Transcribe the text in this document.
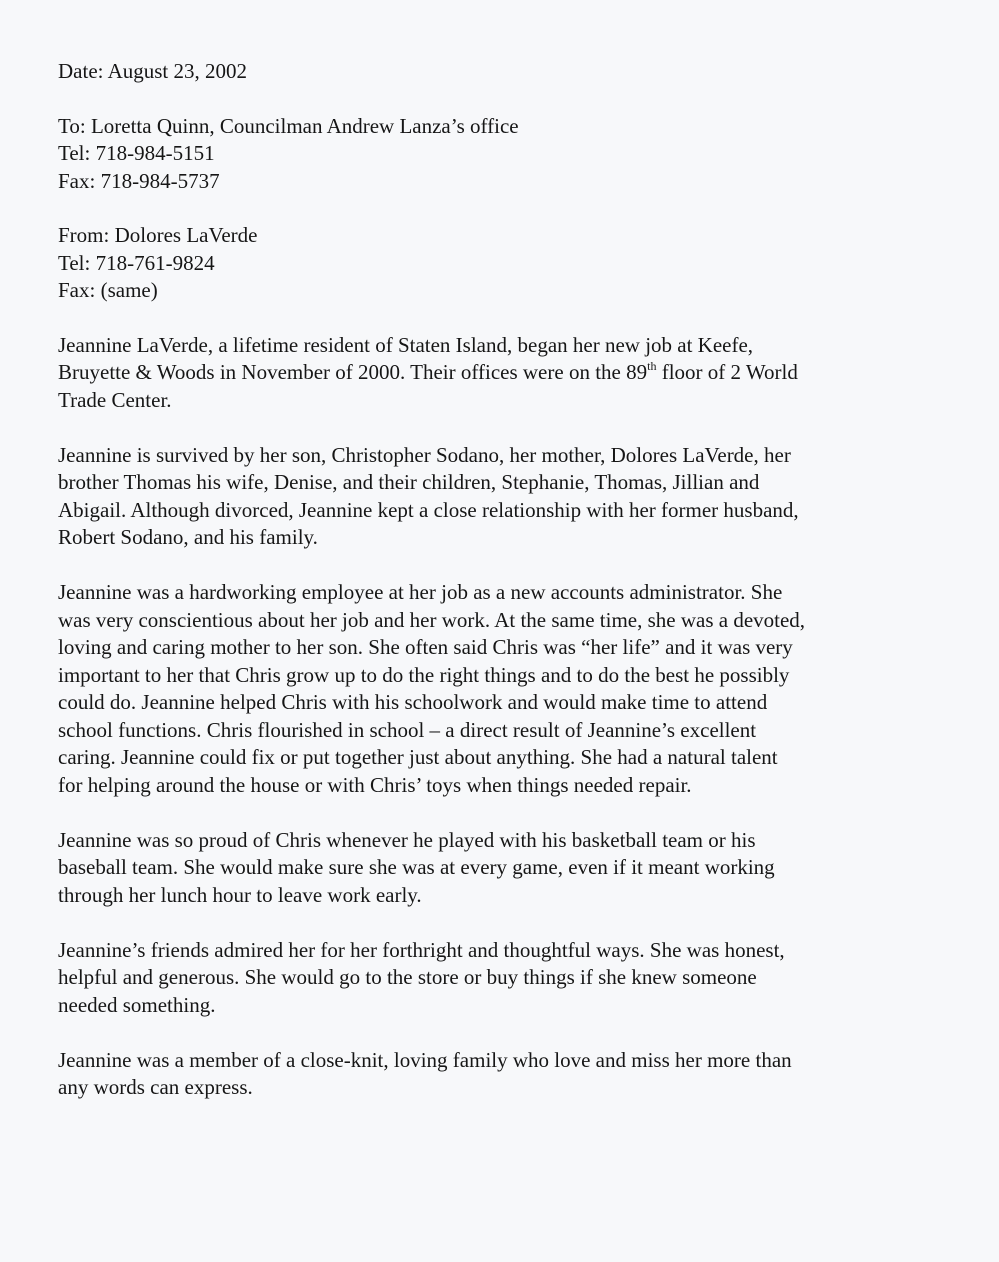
Date: August 23, 2002

To: Loretta Quinn, Councilman Andrew Lanza’s office

Tel: 718-984-5151

Fax: 718-984-5737

From: Dolores LaVerde

Tel: 718-761-9824

Fax: (same)

Jeannine LaVerde, a lifetime resident of Staten Island, began her new job at Keefe,
Bruyette & Woods in November of 2000. Their offices were on the 89th floor of 2 World
Trade Center.
Jeannine is survived by her son, Christopher Sodano, her mother, Dolores LaVerde, her
brother Thomas his wife, Denise, and their children, Stephanie, Thomas, Jillian and
Abigail. Although divorced, Jeannine kept a close relationship with her former husband,
Robert Sodano, and his family.
Jeannine was a hardworking employee at her job as a new accounts administrator. She
was very conscientious about her job and her work. At the same time, she was a devoted,
loving and caring mother to her son. She often said Chris was “her life” and it was very
important to her that Chris grow up to do the right things and to do the best he possibly
could do. Jeannine helped Chris with his schoolwork and would make time to attend
school functions. Chris flourished in school – a direct result of Jeannine’s excellent
caring. Jeannine could fix or put together just about anything. She had a natural talent
for helping around the house or with Chris’ toys when things needed repair.
Jeannine was so proud of Chris whenever he played with his basketball team or his
baseball team. She would make sure she was at every game, even if it meant working
through her lunch hour to leave work early.
Jeannine’s friends admired her for her forthright and thoughtful ways. She was honest,
helpful and generous. She would go to the store or buy things if she knew someone
needed something.
Jeannine was a member of a close-knit, loving family who love and miss her more than
any words can express.
